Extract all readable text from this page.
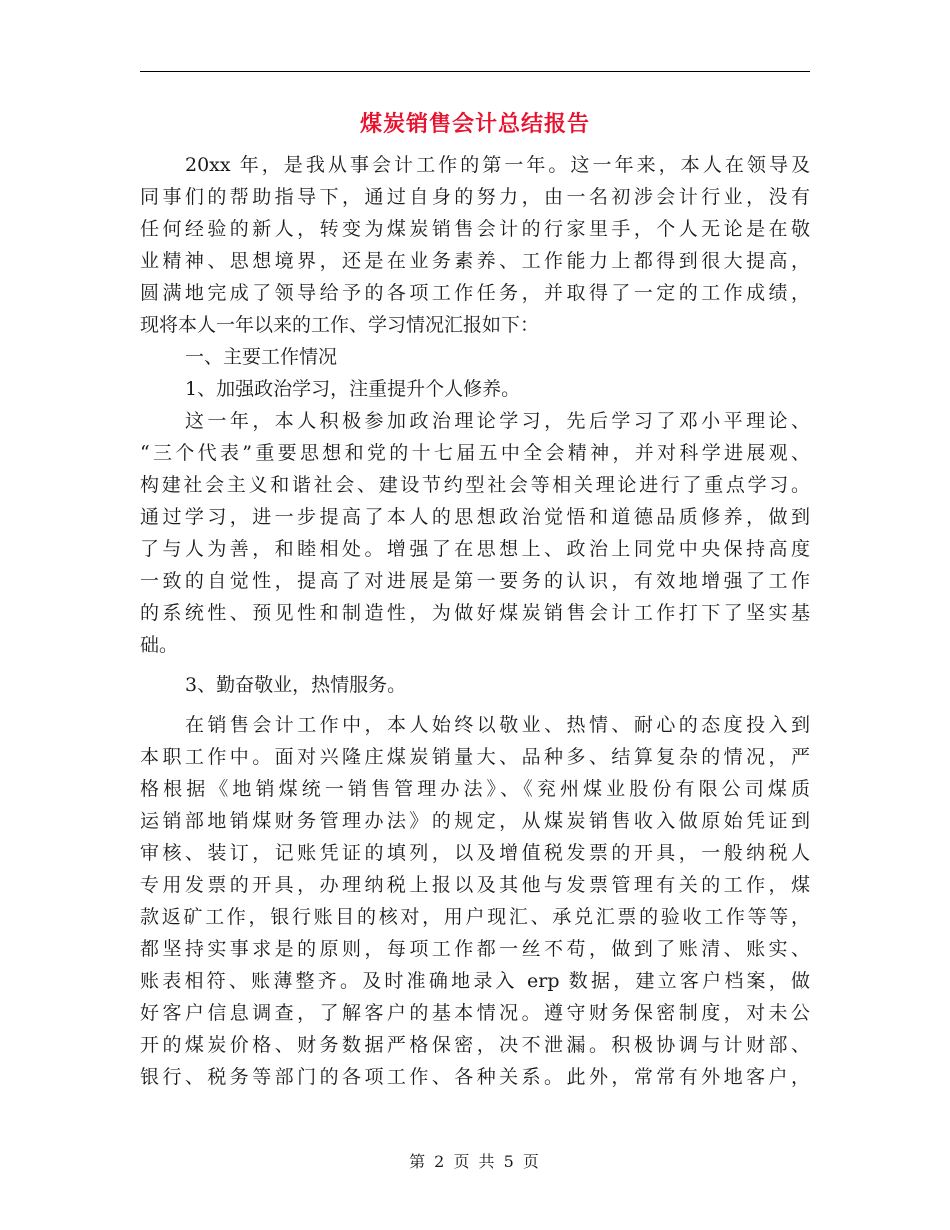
煤炭销售会计总结报告
20xx 年，是我从事会计工作的第一年。这一年来，本人在领导及
同事们的帮助指导下，通过自身的努力，由一名初涉会计行业，没有
任何经验的新人，转变为煤炭销售会计的行家里手，个人无论是在敬
业精神、思想境界，还是在业务素养、工作能力上都得到很大提高，
圆满地完成了领导给予的各项工作任务，并取得了一定的工作成绩，
现将本人一年以来的工作、学习情况汇报如下：
一、主要工作情况
1、加强政治学习，注重提升个人修养。
这一年，本人积极参加政治理论学习，先后学习了邓小平理论、
“三个代表”重要思想和党的十七届五中全会精神，并对科学进展观、
构建社会主义和谐社会、建设节约型社会等相关理论进行了重点学习。
通过学习，进一步提高了本人的思想政治觉悟和道德品质修养，做到
了与人为善，和睦相处。增强了在思想上、政治上同党中央保持高度
一致的自觉性，提高了对进展是第一要务的认识，有效地增强了工作
的系统性、预见性和制造性，为做好煤炭销售会计工作打下了坚实基
础。
3、勤奋敬业，热情服务。
在销售会计工作中，本人始终以敬业、热情、耐心的态度投入到
本职工作中。面对兴隆庄煤炭销量大、品种多、结算复杂的情况，严
格根据《地销煤统一销售管理办法》、《兖州煤业股份有限公司煤质
运销部地销煤财务管理办法》的规定，从煤炭销售收入做原始凭证到
审核、装订，记账凭证的填列，以及增值税发票的开具，一般纳税人
专用发票的开具，办理纳税上报以及其他与发票管理有关的工作，煤
款返矿工作，银行账目的核对，用户现汇、承兑汇票的验收工作等等，
都坚持实事求是的原则，每项工作都一丝不苟，做到了账清、账实、
账表相符、账薄整齐。及时准确地录入 erp 数据，建立客户档案，做
好客户信息调查，了解客户的基本情况。遵守财务保密制度，对未公
开的煤炭价格、财务数据严格保密，决不泄漏。积极协调与计财部、
银行、税务等部门的各项工作、各种关系。此外，常常有外地客户，
第 2 页 共 5 页
